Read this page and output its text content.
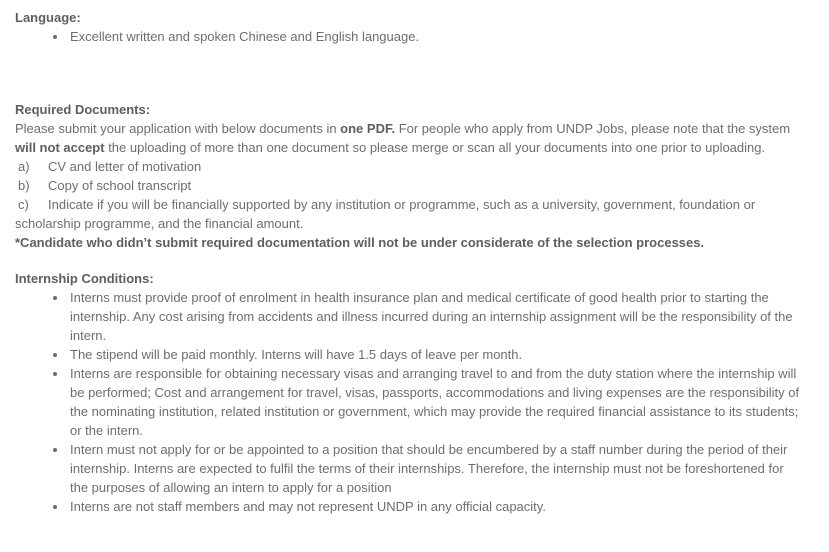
Language:
• Excellent written and spoken Chinese and English language.
Required Documents:

Please submit your application with below documents in one PDF. For people who apply from UNDP Jobs, please note that the system will not accept the uploading of more than one document so please merge or scan all your documents into one prior to uploading.

a) CV and letter of motivation

b) Copy of school transcript

c) Indicate if you will be financially supported by any institution or programme, such as a university, government, foundation or scholarship programme, and the financial amount.

*Candidate who didn’t submit required documentation will not be under considerate of the selection processes.

Internship Conditions:
• Interns must provide proof of enrolment in health insurance plan and medical certificate of good health prior to starting the internship. Any cost arising from accidents and illness incurred during an internship assignment will be the responsibility of the intern.
• The stipend will be paid monthly. Interns will have 1.5 days of leave per month.
• Interns are responsible for obtaining necessary visas and arranging travel to and from the duty station where the internship will be performed; Cost and arrangement for travel, visas, passports, accommodations and living expenses are the responsibility of the nominating institution, related institution or government, which may provide the required financial assistance to its students; or the intern.
• Intern must not apply for or be appointed to a position that should be encumbered by a staff number during the period of their internship. Interns are expected to fulfil the terms of their internships. Therefore, the internship must not be foreshortened for the purposes of allowing an intern to apply for a position
• Interns are not staff members and may not represent UNDP in any official capacity.
